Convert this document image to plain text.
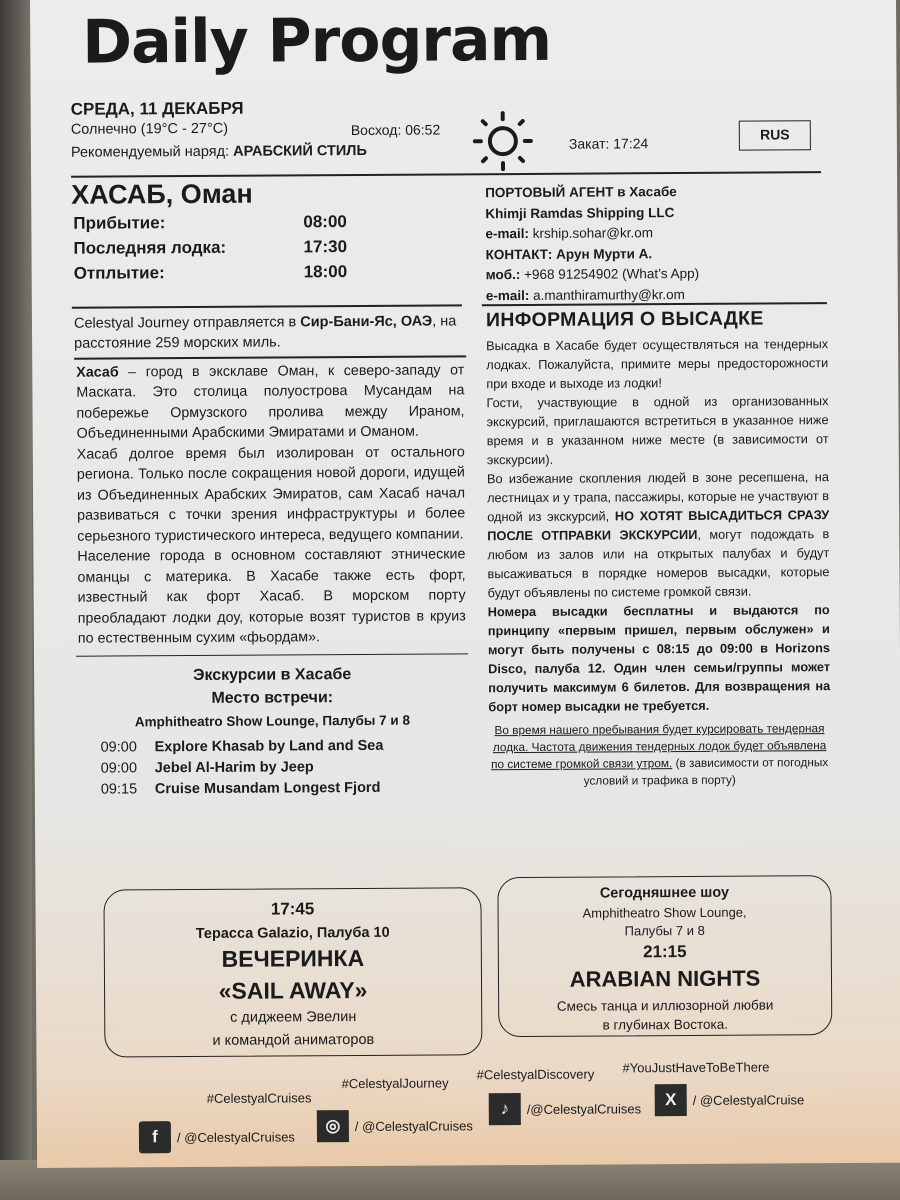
Daily Program
СРЕДА, 11 ДЕКАБРЯ
Солнечно (19°C - 27°C)
Рекомендуемый наряд: АРАБСКИЙ СТИЛЬ
Восход: 06:52
Закат: 17:24
RUS
ХАСАБ, Оман
Прибытие:	08:00
Последняя лодка:	17:30
Отплытие:	18:00
ПОРТОВЫЙ АГЕНТ в Хасабе
Khimji Ramdas Shipping LLC
e-mail: krship.sohar@kr.om
КОНТАКТ: Арун Мурти А.
моб.: +968 91254902 (What’s App)
e-mail: a.manthiramurthy@kr.om
Celestyal Journey отправляется в Сир-Бани-Яс, ОАЭ, на расстояние 259 морских миль.

Хасаб – город в эксклаве Оман, к северо-западу от Маската. Это столица полуострова Мусандам на побережье Ормузского пролива между Ираном, Объединенными Арабскими Эмиратами и Оманом.

Хасаб долгое время был изолирован от остального региона. Только после сокращения новой дороги, идущей из Объединенных Арабских Эмиратов, сам Хасаб начал развиваться с точки зрения инфраструктуры и более серьезного туристического интереса, ведущего компании.

Население города в основном составляют этнические оманцы с материка. В Хасабе также есть форт, известный как форт Хасаб. В морском порту преобладают лодки доу, которые возят туристов в круиз по естественным сухим «фьордам».

Экскурсии в Хасабе
Место встречи:
Amphitheatro Show Lounge, Палубы 7 и 8
09:00 Explore Khasab by Land and Sea
09:00 Jebel Al-Harim by Jeep
09:15 Cruise Musandam Longest Fjord
ИНФОРМАЦИЯ О ВЫСАДКЕ

Высадка в Хасабе будет осуществляться на тендерных лодках. Пожалуйста, примите меры предосторожности при входе и выходе из лодки!

Гости, участвующие в одной из организованных экскурсий, приглашаются встретиться в указанное ниже время и в указанном ниже месте (в зависимости от экскурсии).

Во избежание скопления людей в зоне ресепшена, на лестницах и у трапа, пассажиры, которые не участвуют в одной из экскурсий, НО ХОТЯТ ВЫСАДИТЬСЯ СРАЗУ ПОСЛЕ ОТПРАВКИ ЭКСКУРСИИ, могут подождать в любом из залов или на открытых палубах и будут высаживаться в порядке номеров высадки, которые будут объявлены по системе громкой связи.

Номера высадки бесплатны и выдаются по принципу «первым пришел, первым обслужен» и могут быть получены с 08:15 до 09:00 в Horizons Disco, палуба 12. Один член семьи/группы может получить максимум 6 билетов. Для возвращения на борт номер высадки не требуется.

Во время нашего пребывания будет курсировать тендерная лодка. Частота движения тендерных лодок будет объявлена по системе громкой связи утром. (в зависимости от погодных условий и трафика в порту)
17:45
Терасса Galazio, Палуба 10
ВЕЧЕРИНКА
«SAIL AWAY»
с диджеем Эвелин
и командой аниматоров
Сегодняшнее шоу
Amphitheatro Show Lounge,
Палубы 7 и 8
21:15
ARABIAN NIGHTS
Смесь танца и иллюзорной любви
в глубинах Востока.
#CelestyalCruises
#CelestyalJourney
#CelestyalDiscovery #YouJustHaveToBeThere
f	/ @CelestyalCruises
◎	/ @CelestyalCruises
♪	/@CelestyalCruises	X	/ @CelestyalCruise
